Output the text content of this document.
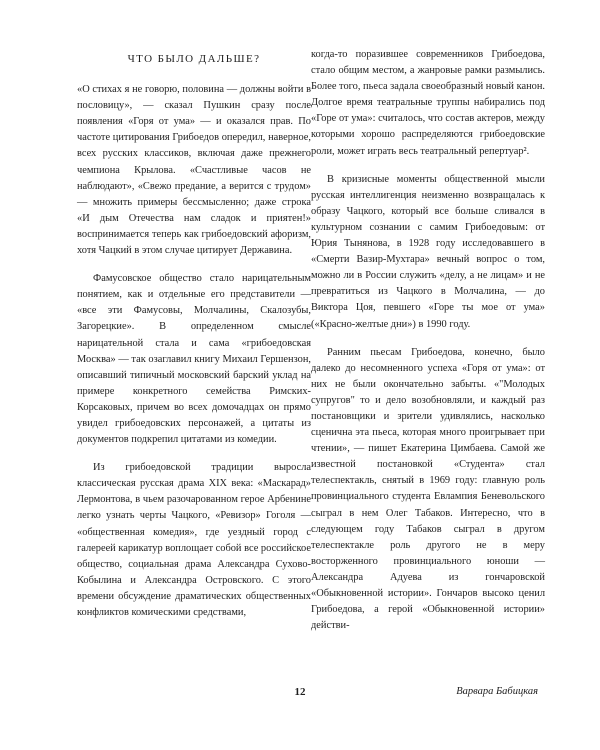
ЧТО БЫЛО ДАЛЬШЕ?

«О стихах я не говорю, половина — должны войти в пословицу», — сказал Пушкин сразу после появления «Горя от ума» — и оказался прав. По частоте цитирования Грибоедов опередил, наверное, всех русских классиков, включая даже прежнего чемпиона Крылова. «Счастливые часов не наблюдают», «Свежо предание, а верится с трудом» — множить примеры бессмысленно; даже строка «И дым Отечества нам сладок и приятен!» воспринимается теперь как грибоедовский афоризм, хотя Чацкий в этом случае цитирует Державина.

Фамусовское общество стало нарицательным понятием, как и отдельные его представители — «все эти Фамусовы, Молчалины, Скалозубы, Загорецкие». В определенном смысле нарицательной стала и сама «грибоедовская Москва» — так озаглавил книгу Михаил Гершензон, описавший типичный московский барский уклад на примере конкретного семейства Римских-Корсаковых, причем во всех домочадцах он прямо увидел грибоедовских персонажей, а цитаты из документов подкрепил цитатами из комедии.

Из грибоедовской традиции выросла классическая русская драма XIX века: «Маскарад» Лермонтова, в чьем разочарованном герое Арбенине легко узнать черты Чацкого, «Ревизор» Гоголя — «общественная комедия», где уездный город с галереей карикатур воплощает собой все российское общество, социальная драма Александра Сухово-Кобылина и Александра Островского. С этого времени обсуждение драматических общественных конфликтов комическими средствами,

когда-то поразившее современников Грибоедова, стало общим местом, а жанровые рамки размылись. Более того, пьеса задала своеобразный новый канон. Долгое время театральные труппы набирались под «Горе от ума»: считалось, что состав актеров, между которыми хорошо распределяются грибоедовские роли, может играть весь театральный репертуар².

В кризисные моменты общественной мысли русская интеллигенция неизменно возвращалась к образу Чацкого, который все больше сливался в культурном сознании с самим Грибоедовым: от Юрия Тынянова, в 1928 году исследовавшего в «Смерти Вазир-Мухтара» вечный вопрос о том, можно ли в России служить «делу, а не лицам» и не превратиться из Чацкого в Молчалина, — до Виктора Цоя, певшего «Горе ты мое от ума» («Красно-желтые дни») в 1990 году.

Ранним пьесам Грибоедова, конечно, было далеко до несомненного успеха «Горя от ума»: от них не были окончательно забыты. «"Молодых супругов" то и дело возобновляли, и каждый раз постановщики и зрители удивлялись, насколько сценична эта пьеса, которая много проигрывает при чтении», — пишет Екатерина Цимбаева. Самой же известной постановкой «Студента» стал телеспектакль, снятый в 1969 году: главную роль провинциального студента Евлампия Беневольского сыграл в нем Олег Табаков. Интересно, что в следующем году Табаков сыграл в другом телеспектакле роль другого не в меру восторженного провинциального юноши — Александра Адуева из гончаровской «Обыкновенной истории». Гончаров высоко ценил Грибоедова, а герой «Обыкновенной истории» действи-

12	Варвара Бабицкая
